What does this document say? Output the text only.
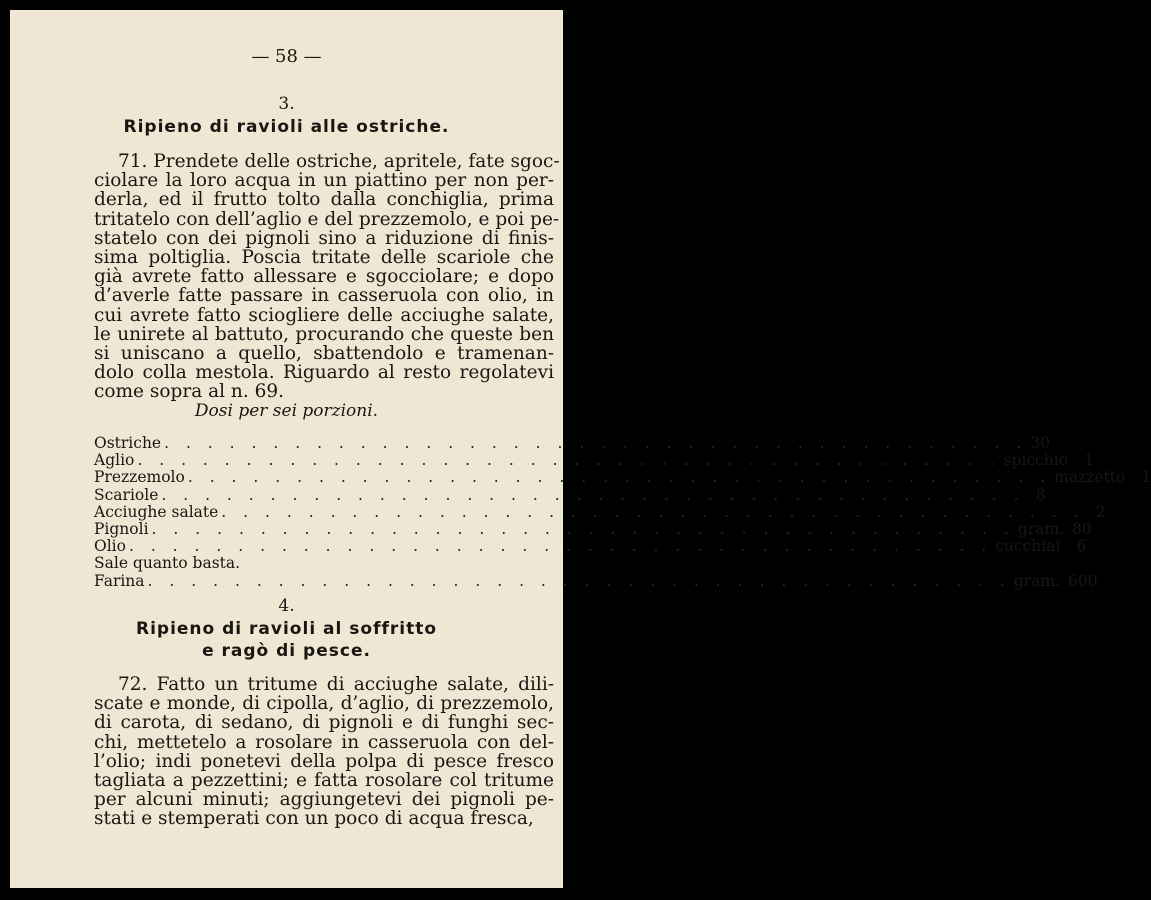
— 58 —
3.
Ripieno di ravioli alle ostriche.
71. Prendete delle ostriche, apritele, fate sgoc-
ciolare la loro acqua in un piattino per non per-
derla, ed il frutto tolto dalla conchiglia, prima
tritatelo con dell’aglio e del prezzemolo, e poi pe-
statelo con dei pignoli sino a riduzione di finis-
sima poltiglia. Poscia tritate delle scariole che
già avrete fatto allessare e sgocciolare; e dopo
d’averle fatte passare in casseruola con olio, in
cui avrete fatto sciogliere delle acciughe salate,
le unirete al battuto, procurando che queste ben
si uniscano a quello, sbattendolo e tramenan-
dolo colla mestola. Riguardo al resto regolatevi
come sopra al n. 69.
Dosi per sei porzioni.
Ostriche . . . . . . . . . . . . . . . . . . . . . . . . . . . . . . . . . . . . . . . . 30
Aglio . . . . . . . . . . . . . . . . . . . . . . . . . . . . . . . . . . . . . . . . spicchio	1
Prezzemolo . . . . . . . . . . . . . . . . . . . . . . . . . . . . . . . . . . . . . . . . mazzetto	1
Scariole . . . . . . . . . . . . . . . . . . . . . . . . . . . . . . . . . . . . . . . . 8
Acciughe salate . . . . . . . . . . . . . . . . . . . . . . . . . . . . . . . . . . . . . . . . 2
Pignoli . . . . . . . . . . . . . . . . . . . . . . . . . . . . . . . . . . . . . . . . gram. 80
Olio . . . . . . . . . . . . . . . . . . . . . . . . . . . . . . . . . . . . . . . . cucchiai	6
Sale quanto basta.
Farina . . . . . . . . . . . . . . . . . . . . . . . . . . . . . . . . . . . . . . . . gram. 600
4.
Ripieno di ravioli al soffritto
e ragò di pesce.
72. Fatto un tritume di acciughe salate, dili-
scate e monde, di cipolla, d’aglio, di prezzemolo,
di carota, di sedano, di pignoli e di funghi sec-
chi, mettetelo a rosolare in casseruola con del-
l’olio; indi ponetevi della polpa di pesce fresco
tagliata a pezzettini; e fatta rosolare col tritume
per alcuni minuti; aggiungetevi dei pignoli pe-
stati e stemperati con un poco di acqua fresca,
